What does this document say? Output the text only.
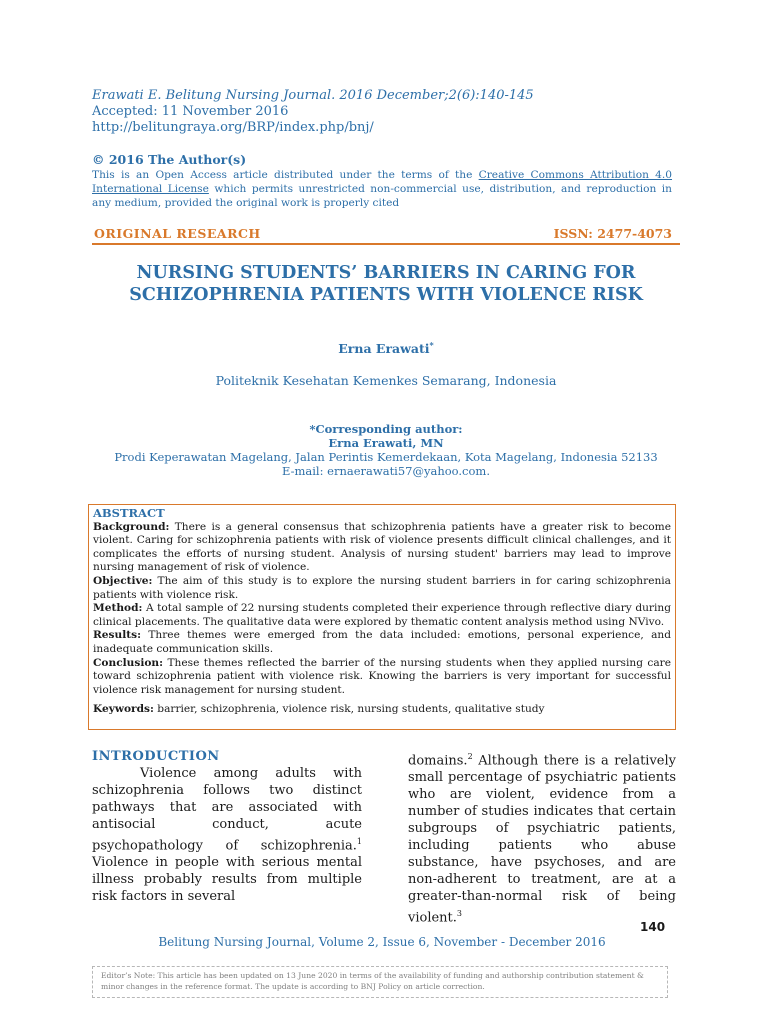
Erawati E. Belitung Nursing Journal. 2016 December;2(6):140-145
Accepted: 11 November 2016
http://belitungraya.org/BRP/index.php/bnj/
© 2016 The Author(s)
This is an Open Access article distributed under the terms of the Creative Commons Attribution 4.0 International License which permits unrestricted non-commercial use, distribution, and reproduction in any medium, provided the original work is properly cited
ORIGINAL RESEARCH	ISSN: 2477-4073
NURSING STUDENTS’ BARRIERS IN CARING FOR
SCHIZOPHRENIA PATIENTS WITH VIOLENCE RISK
Erna Erawati*
Politeknik Kesehatan Kemenkes Semarang, Indonesia
*Corresponding author:
Erna Erawati, MN
Prodi Keperawatan Magelang, Jalan Perintis Kemerdekaan, Kota Magelang, Indonesia 52133
E-mail: ernaerawati57@yahoo.com.
ABSTRACT

Background: There is a general consensus that schizophrenia patients have a greater risk to become violent. Caring for schizophrenia patients with risk of violence presents difficult clinical challenges, and it complicates the efforts of nursing student. Analysis of nursing student' barriers may lead to improve nursing management of risk of violence.

Objective: The aim of this study is to explore the nursing student barriers in for caring schizophrenia patients with violence risk.

Method: A total sample of 22 nursing students completed their experience through reflective diary during clinical placements. The qualitative data were explored by thematic content analysis method using NVivo.

Results: Three themes were emerged from the data included: emotions, personal experience, and inadequate communication skills.

Conclusion: These themes reflected the barrier of the nursing students when they applied nursing care toward schizophrenia patient with violence risk. Knowing the barriers is very important for successful violence risk management for nursing student.

Keywords: barrier, schizophrenia, violence risk, nursing students, qualitative study

INTRODUCTION

Violence among adults with schizophrenia follows two distinct pathways that are associated with antisocial conduct, acute psychopathology of schizophrenia.$^1$ Violence in people with serious mental illness probably results from multiple risk factors in several

domains.$^2$ Although there is a relatively small percentage of psychiatric patients who are violent, evidence from a number of studies indicates that certain subgroups of psychiatric patients, including patients who abuse substance, have psychoses, and are non-adherent to treatment, are at a greater-than-normal risk of being violent.$^3$

140
Belitung Nursing Journal, Volume 2, Issue 6, November - December 2016
Editor’s Note: This article has been updated on 13 June 2020 in terms of the availability of funding and authorship contribution statement & minor changes in the reference format. The update is according to BNJ Policy on article correction.
